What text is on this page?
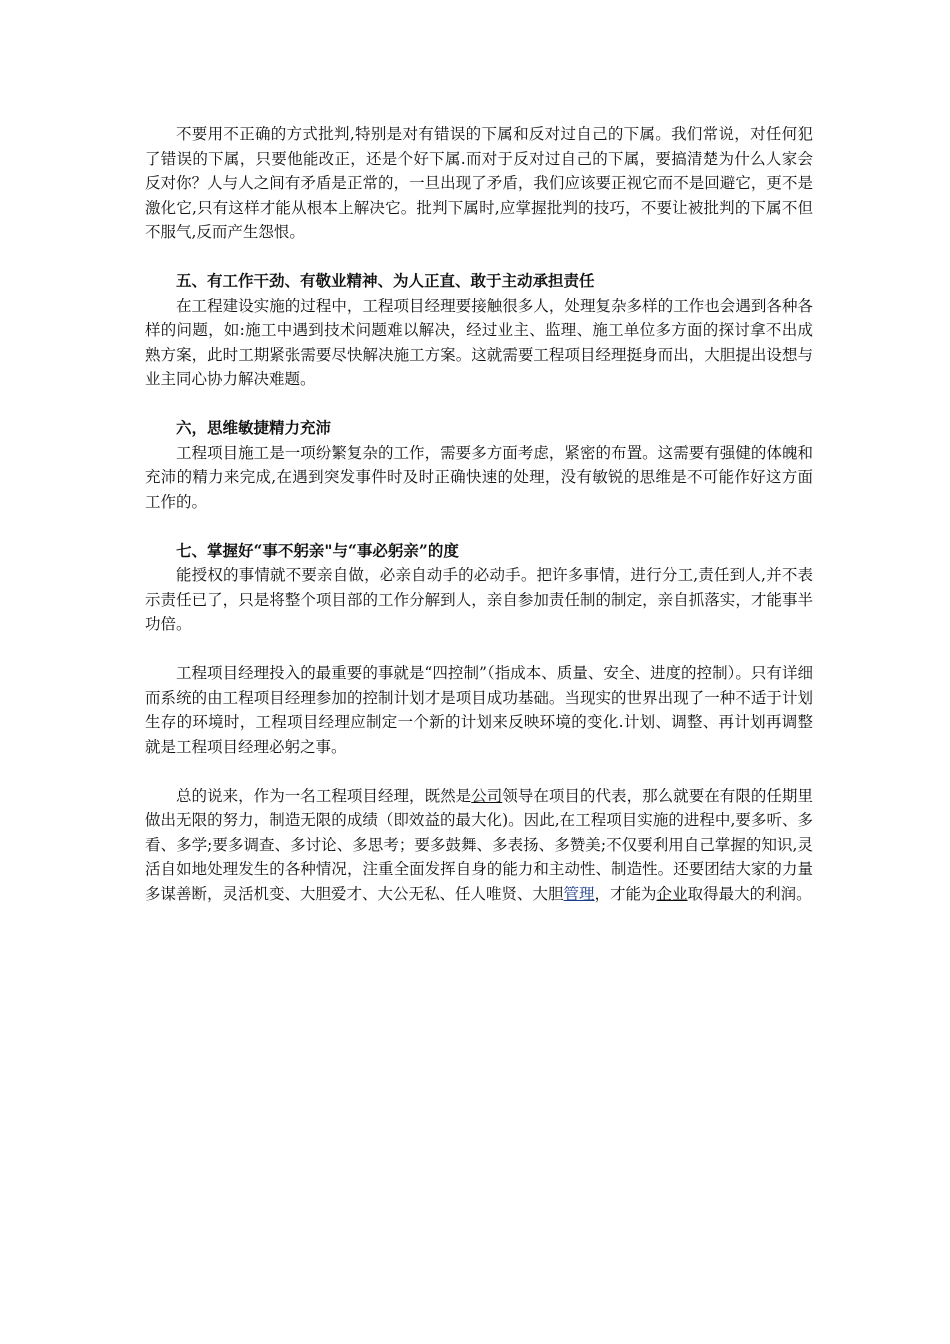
不要用不正确的方式批判,特别是对有错误的下属和反对过自己的下属。我们常说，对任何犯了错误的下属，只要他能改正，还是个好下属.而对于反对过自己的下属，要搞清楚为什么人家会反对你？人与人之间有矛盾是正常的，一旦出现了矛盾，我们应该要正视它而不是回避它，更不是激化它,只有这样才能从根本上解决它。批判下属时,应掌握批判的技巧，不要让被批判的下属不但不服气,反而产生怨恨。

五、有工作干劲、有敬业精神、为人正直、敢于主动承担责任

在工程建设实施的过程中，工程项目经理要接触很多人，处理复杂多样的工作也会遇到各种各样的问题，如:施工中遇到技术问题难以解决，经过业主、监理、施工单位多方面的探讨拿不出成熟方案，此时工期紧张需要尽快解决施工方案。这就需要工程项目经理挺身而出，大胆提出设想与业主同心协力解决难题。

六，思维敏捷精力充沛

工程项目施工是一项纷繁复杂的工作，需要多方面考虑，紧密的布置。这需要有强健的体魄和充沛的精力来完成,在遇到突发事件时及时正确快速的处理，没有敏锐的思维是不可能作好这方面工作的。

七、掌握好“事不躬亲"与“事必躬亲”的度

能授权的事情就不要亲自做，必亲自动手的必动手。把许多事情，进行分工,责任到人,并不表示责任已了，只是将整个项目部的工作分解到人，亲自参加责任制的制定，亲自抓落实，才能事半功倍。

工程项目经理投入的最重要的事就是“四控制”（指成本、质量、安全、进度的控制）。只有详细而系统的由工程项目经理参加的控制计划才是项目成功基础。当现实的世界出现了一种不适于计划生存的环境时，工程项目经理应制定一个新的计划来反映环境的变化.计划、调整、再计划再调整就是工程项目经理必躬之事。

总的说来，作为一名工程项目经理，既然是公司领导在项目的代表，那么就要在有限的任期里做出无限的努力，制造无限的成绩（即效益的最大化)。因此,在工程项目实施的进程中,要多听、多看、多学;要多调查、多讨论、多思考；要多鼓舞、多表扬、多赞美;不仅要利用自己掌握的知识,灵活自如地处理发生的各种情况，注重全面发挥自身的能力和主动性、制造性。还要团结大家的力量多谋善断，灵活机变、大胆爱才、大公无私、任人唯贤、大胆管理，才能为企业取得最大的利润。
